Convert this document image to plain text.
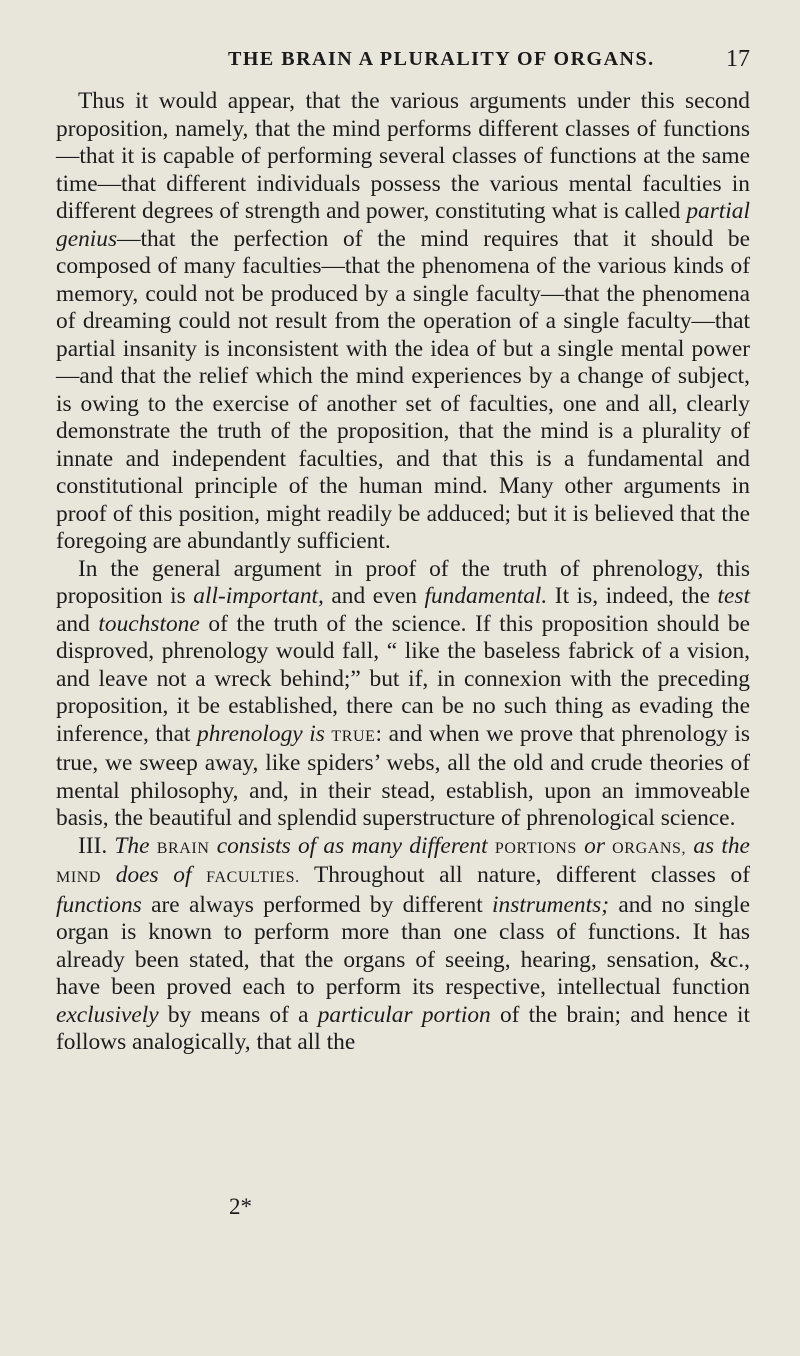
THE BRAIN A PLURALITY OF ORGANS.	17

Thus it would appear, that the various arguments under this second proposition, namely, that the mind performs different classes of functions—that it is capable of performing several classes of functions at the same time—that different individuals possess the various mental faculties in different degrees of strength and power, constituting what is called partial genius—that the perfection of the mind requires that it should be composed of many faculties—that the phenomena of the various kinds of memory, could not be produced by a single faculty—that the phenomena of dreaming could not result from the operation of a single faculty—that partial insanity is inconsistent with the idea of but a single mental power—and that the relief which the mind experiences by a change of subject, is owing to the exercise of another set of faculties, one and all, clearly demonstrate the truth of the proposition, that the mind is a plurality of innate and independent faculties, and that this is a fundamental and constitutional principle of the human mind. Many other arguments in proof of this position, might readily be adduced; but it is believed that the foregoing are abundantly sufficient.

In the general argument in proof of the truth of phrenology, this proposition is all-important, and even fundamental. It is, indeed, the test and touchstone of the truth of the science. If this proposition should be disproved, phrenology would fall, “ like the baseless fabrick of a vision, and leave not a wreck behind;” but if, in connexion with the preceding proposition, it be established, there can be no such thing as evading the inference, that phrenology is TRUE: and when we prove that phrenology is true, we sweep away, like spiders’ webs, all the old and crude theories of mental philosophy, and, in their stead, establish, upon an immoveable basis, the beautiful and splendid superstructure of phrenological science.

III. The BRAIN consists of as many different PORTIONS or ORGANS, as the MIND does of FACULTIES. Throughout all nature, different classes of functions are always performed by different instruments; and no single organ is known to perform more than one class of functions. It has already been stated, that the organs of seeing, hearing, sensation, &c., have been proved each to perform its respective, intellectual function exclusively by means of a particular portion of the brain; and hence it follows analogically, that all the

2*
